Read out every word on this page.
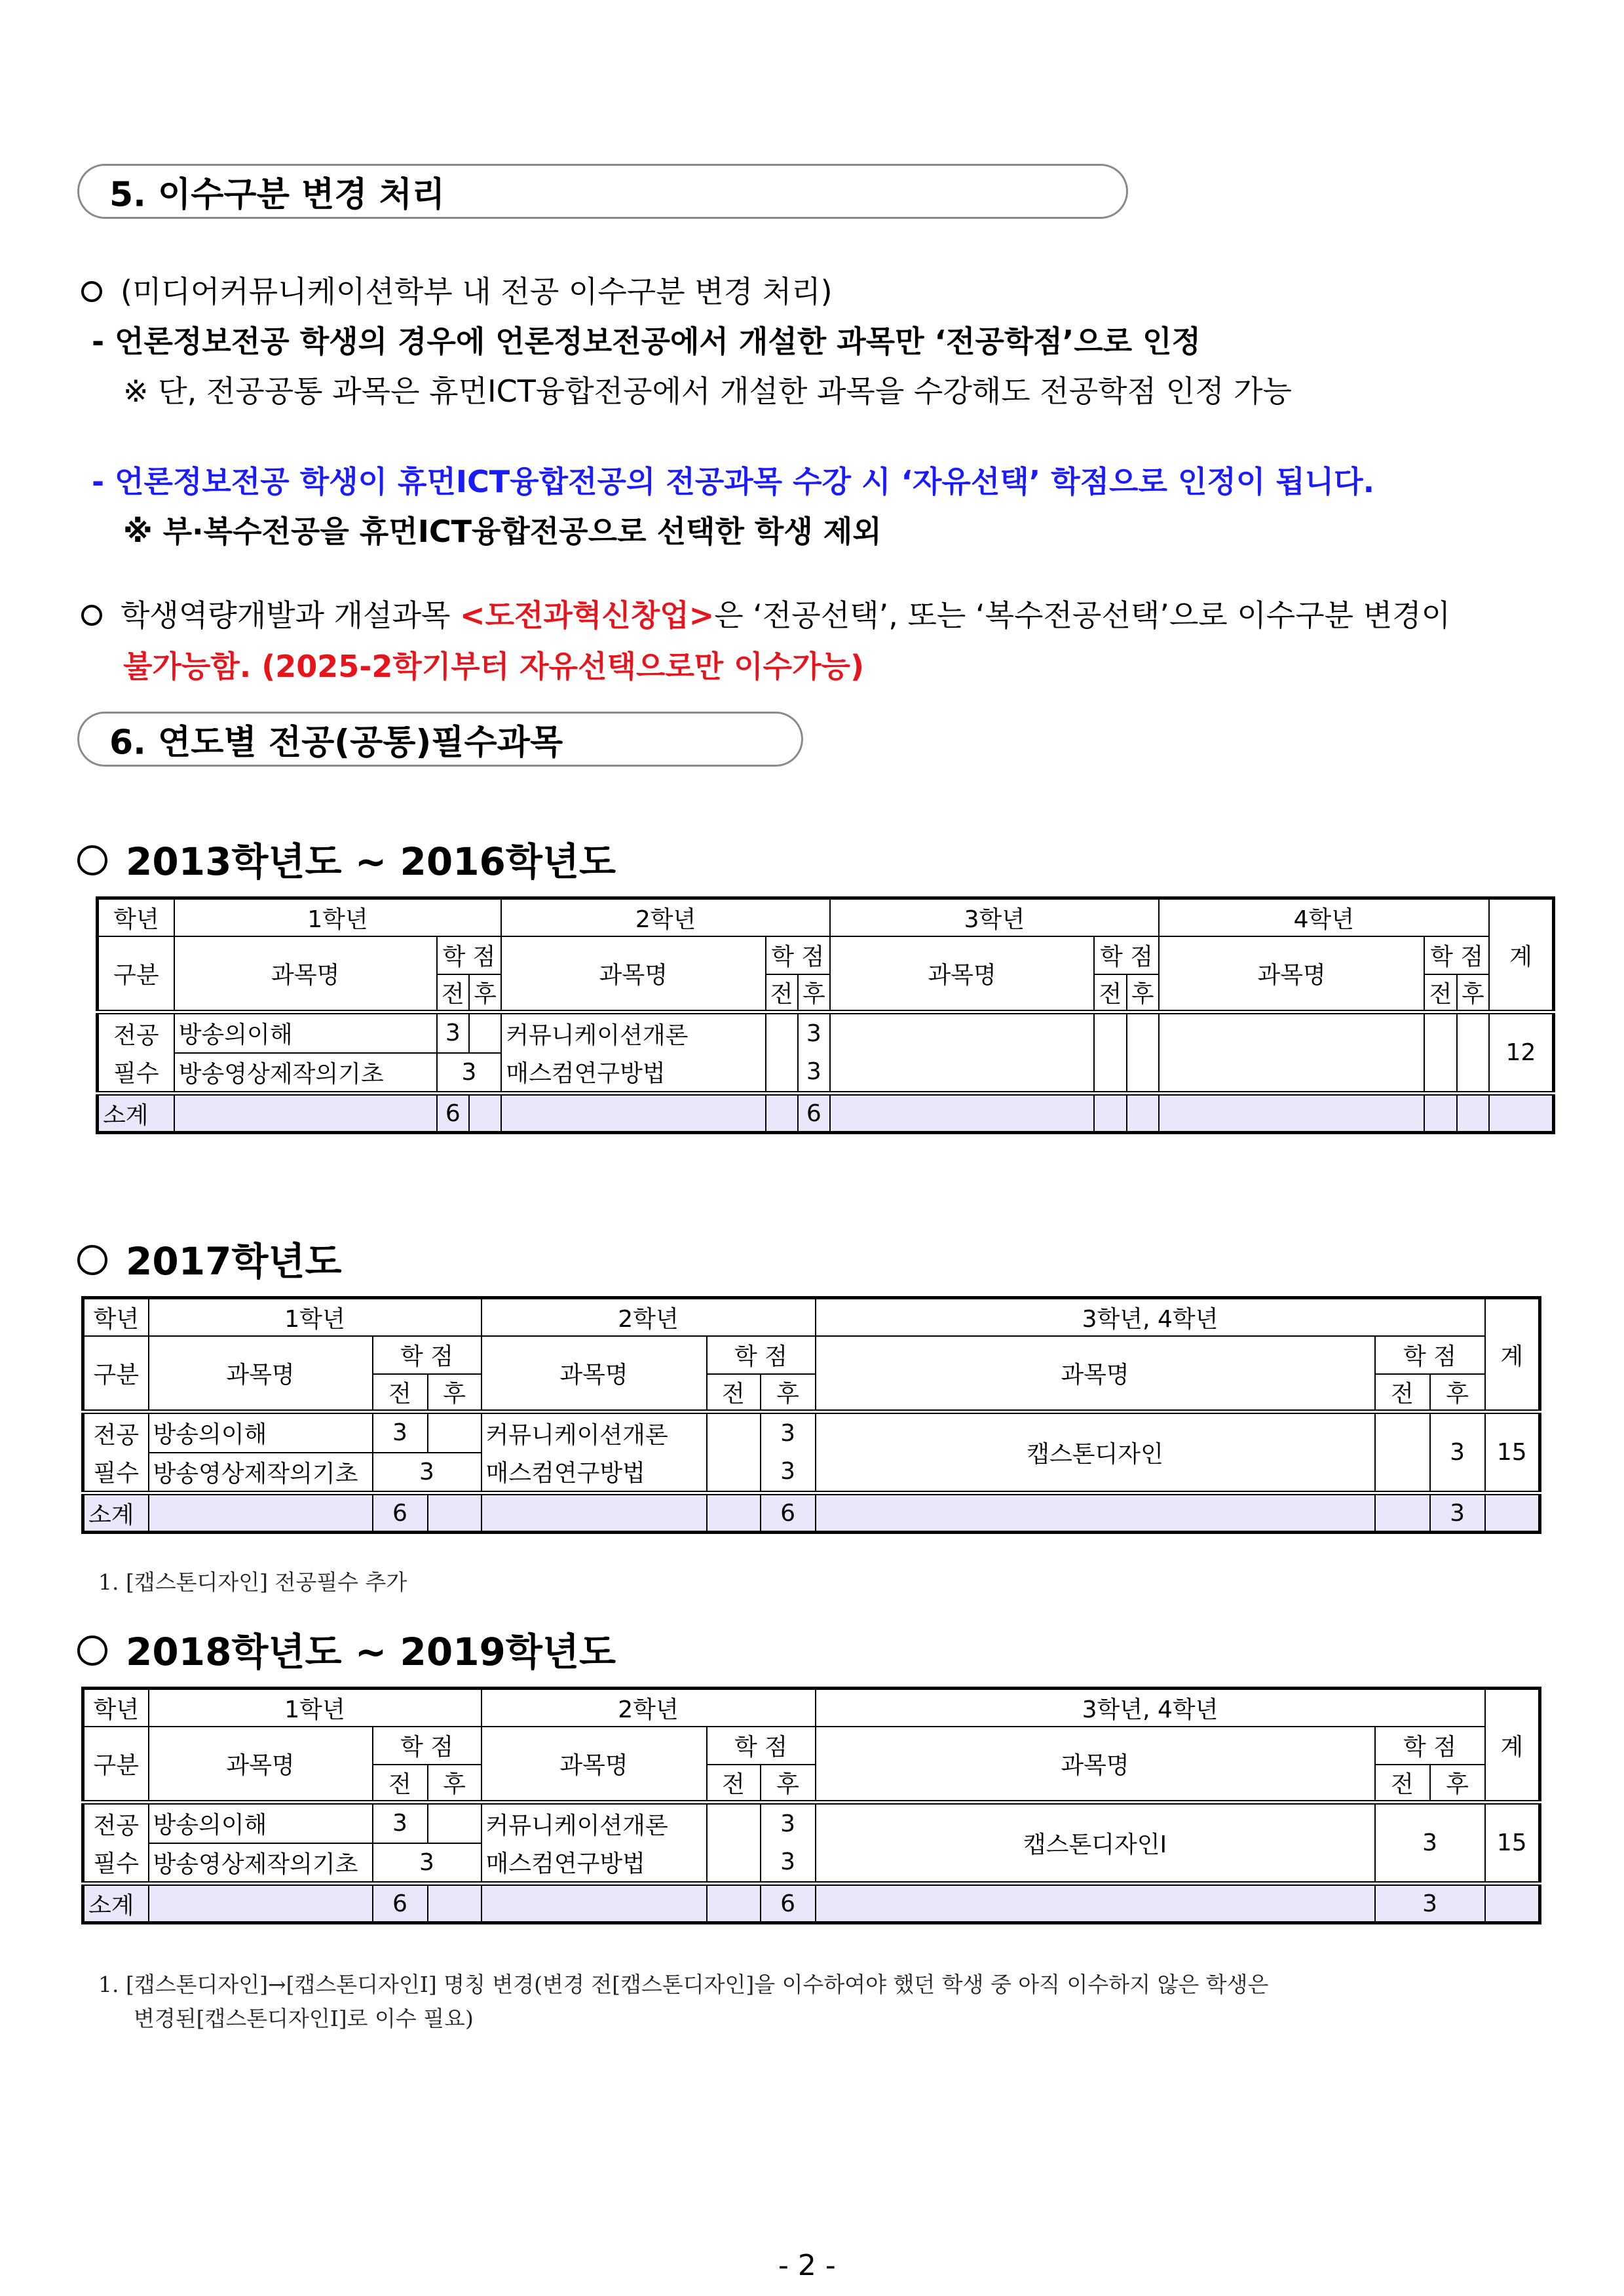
5. 이수구분 변경 처리
(미디어커뮤니케이션학부 내 전공 이수구분 변경 처리)
- 언론정보전공 학생의 경우에 언론정보전공에서 개설한 과목만 ‘전공학점’으로 인정
※ 단, 전공공통 과목은 휴먼ICT융합전공에서 개설한 과목을 수강해도 전공학점 인정 가능
- 언론정보전공 학생이 휴먼ICT융합전공의 전공과목 수강 시 ‘자유선택’ 학점으로 인정이 됩니다.
※ 부·복수전공을 휴먼ICT융합전공으로 선택한 학생 제외
학생역량개발과 개설과목 <도전과혁신창업>은 ‘전공선택’, 또는 ‘복수전공선택’으로 이수구분 변경이
불가능함. (2025-2학기부터 자유선택으로만 이수가능)
6. 연도별 전공(공통)필수과목
2013학년도 ~ 2016학년도
학년	1학년			2학년			3학년			4학년			계
구분	과목명	학 점		과목명	학 점		과목명	학 점		과목명	학 점		
		전	후		전	후		전	후		전	후	
전공	방송의이해	3		커뮤니케이션개론		3							12
필수	방송영상제작의기초	3		매스컴연구방법		3							
소계		6				6							
2017학년도
학년	1학년			2학년			3학년, 4학년			계
구분	과목명	학 점		과목명	학 점		과목명	학 점		
		전	후		전	후		전	후	
전공	방송의이해	3		커뮤니케이션개론		3	캡스톤디자인		3	15
필수	방송영상제작의기초	3		매스컴연구방법		3				
소계		6				6			3	
1. [캡스톤디자인] 전공필수 추가
2018학년도 ~ 2019학년도
학년	1학년			2학년			3학년, 4학년			계
구분	과목명	학 점		과목명	학 점		과목명	학 점		
		전	후		전	후		전	후	
전공	방송의이해	3		커뮤니케이션개론		3	캡스톤디자인Ⅰ	3		15
필수	방송영상제작의기초	3		매스컴연구방법		3				
소계		6				6		3		
1. [캡스톤디자인]→[캡스톤디자인Ⅰ] 명칭 변경(변경 전[캡스톤디자인]을 이수하여야 했던 학생 중 아직 이수하지 않은 학생은
변경된[캡스톤디자인Ⅰ]로 이수 필요)
- 2 -
